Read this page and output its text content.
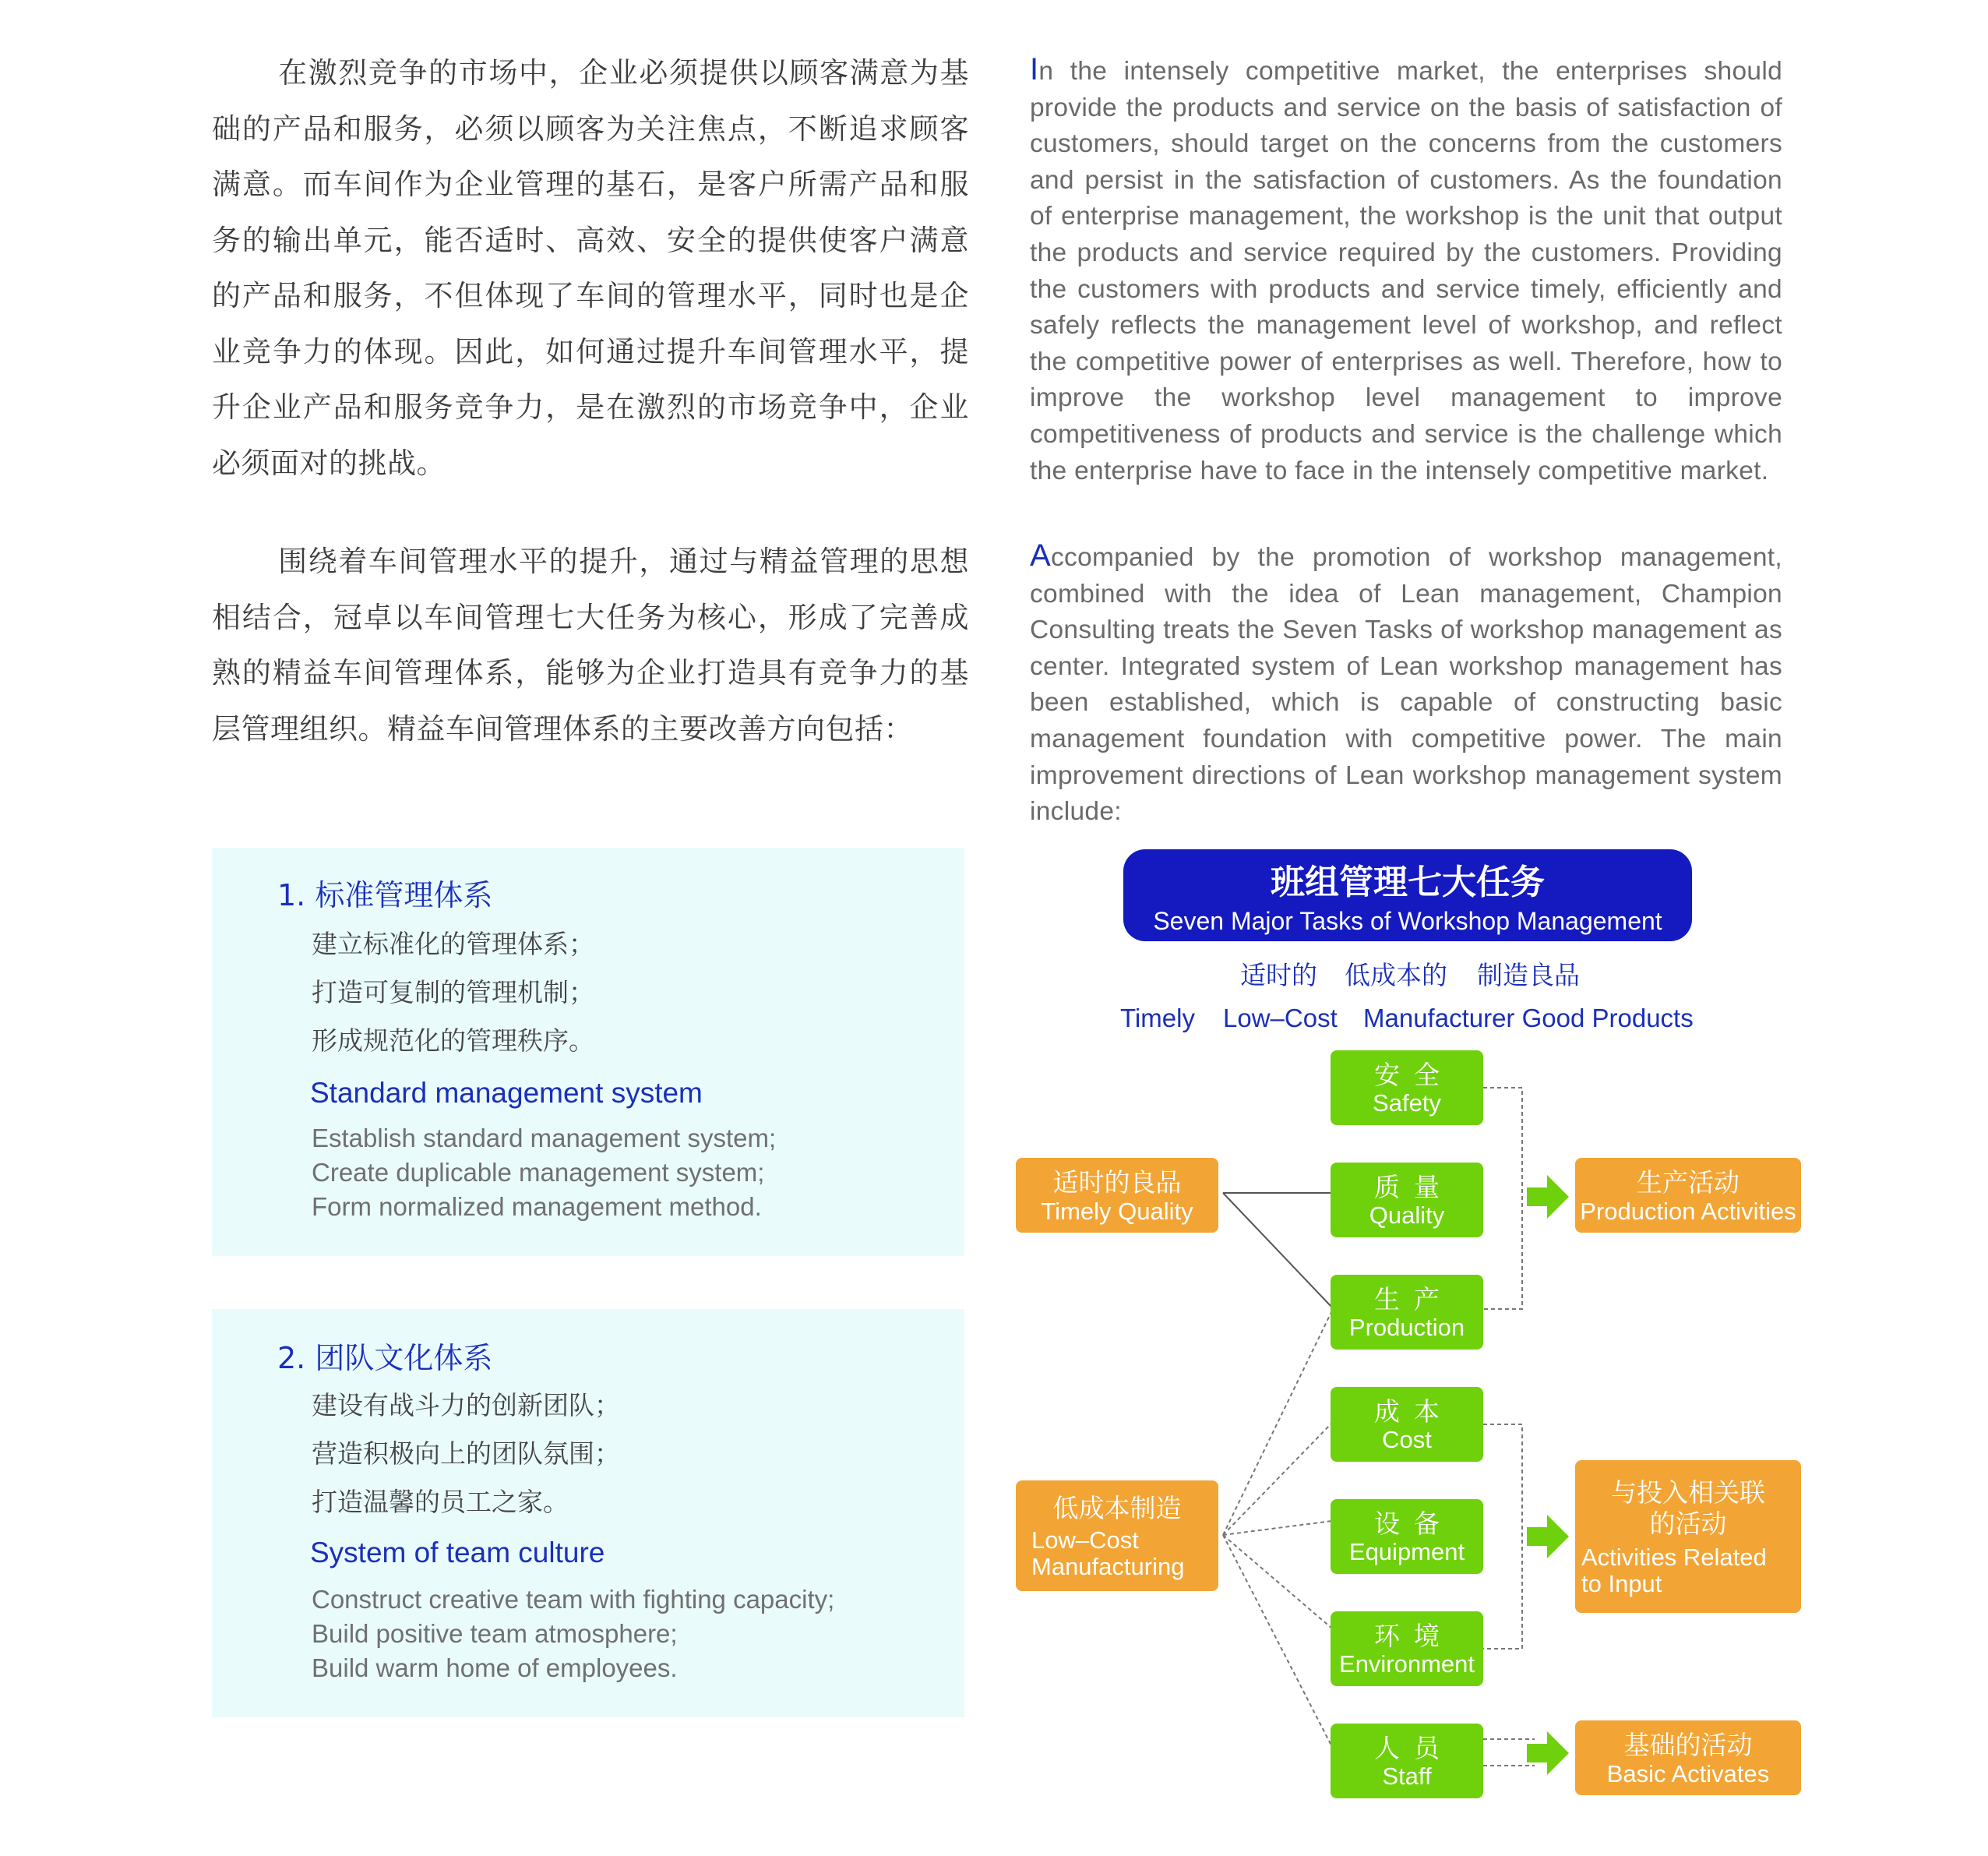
在激烈竞争的市场中，企业必须提供以顾客满意为基础的产品和服务，必须以顾客为关注焦点，不断追求顾客满意。而车间作为企业管理的基石，是客户所需产品和服务的输出单元，能否适时、高效、安全的提供使客户满意的产品和服务，不但体现了车间的管理水平，同时也是企业竞争力的体现。因此，如何通过提升车间管理水平，提升企业产品和服务竞争力，是在激烈的市场竞争中，企业必须面对的挑战。
围绕着车间管理水平的提升，通过与精益管理的思想相结合，冠卓以车间管理七大任务为核心，形成了完善成熟的精益车间管理体系，能够为企业打造具有竞争力的基层管理组织。精益车间管理体系的主要改善方向包括：
In the intensely competitive market, the enterprises should provide the products and service on the basis of satisfaction of customers, should target on the concerns from the customers and persist in the satisfaction of customers. As the foundation of enterprise management, the workshop is the unit that output the products and service required by the customers. Providing the customers with products and service timely, efficiently and safely reflects the management level of workshop, and reflect the competitive power of enterprises as well. Therefore, how to improve the workshop level management to improve competitiveness of products and service is the challenge which the enterprise have to face in the intensely competitive market.
Accompanied by the promotion of workshop management, combined with the idea of Lean management, Champion Consulting treats the Seven Tasks of workshop management as center. Integrated system of Lean workshop management has been established, which is capable of constructing basic management foundation with competitive power. The main improvement directions of Lean workshop management system include:
1. 标准管理体系
建立标准化的管理体系；
打造可复制的管理机制；
形成规范化的管理秩序。
Standard management system
Establish standard management system;
Create duplicable management system;
Form normalized management method.
2. 团队文化体系
建设有战斗力的创新团队；
营造积极向上的团队氛围；
打造温馨的员工之家。
System of team culture
Construct creative team with fighting capacity;
Build positive team atmosphere;
Build warm home of employees.
班组管理七大任务
Seven Major Tasks of Workshop Management
适时的 低成本的 制造良品
Timely Low–Cost Manufacturer Good Products
安全
Safety
质量
Quality
生产
Production
成本
Cost
设备
Equipment
环境
Environment
人员
Staff
适时的良品
Timely Quality
低成本制造
Low–Cost
Manufacturing
生产活动
Production Activities
与投入相关联
的活动
Activities Related
to Input
基础的活动
Basic Activates
